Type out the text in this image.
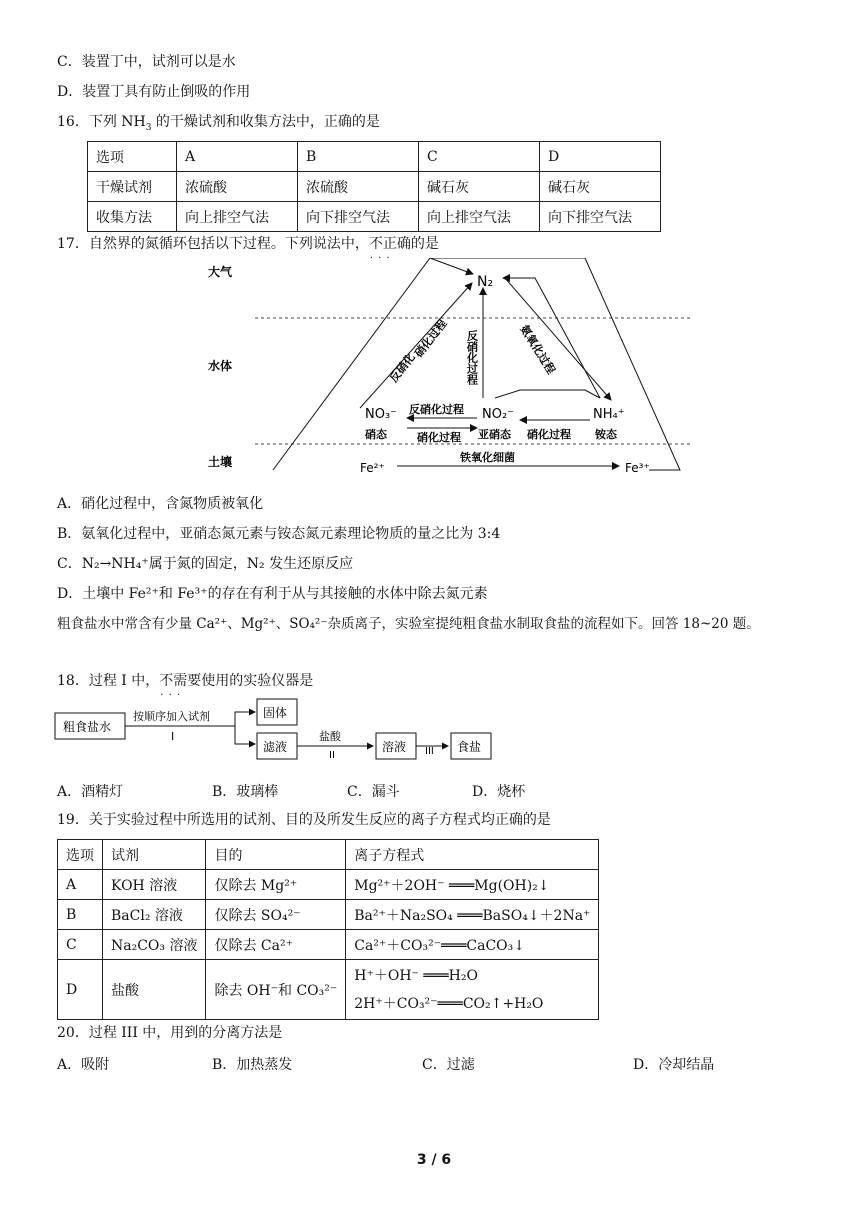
C．装置丁中，试剂可以是水
D．装置丁具有防止倒吸的作用
16．下列 $NH_3$ 的干燥试剂和收集方法中，正确的是
选项	A	B	C	D
干燥试剂	浓硫酸	浓硫酸	碱石灰	碱石灰
收集方法	向上排空气法	向下排空气法	向上排空气法	向下排空气法
17．自然界的氮循环包括以下过程。下列说法中，不正确 · · ·的是
大气
水体
土壤
N₂
NO₃⁻	NO₂⁻	NH₄⁺
硝态	亚硝态	铵态
反硝化
硝化过程 反硝化过程	氨氧化过程
反硝化过程
硝化过程	硝化过程
Fe²⁺	Fe³⁺
铁氧化细菌
A．硝化过程中，含氮物质被氧化
B．氨氧化过程中，亚硝态氮元素与铵态氮元素理论物质的量之比为 3:4
C．N₂→NH₄⁺属于氮的固定，N₂ 发生还原反应
D．土壤中 Fe²⁺和 Fe³⁺的存在有利于从与其接触的水体中除去氮元素
粗食盐水中常含有少量 Ca²⁺、Mg²⁺、SO₄²⁻杂质离子，实验室提纯粗食盐水制取食盐的流程如下。回答 18~20 题。
18．过程 I 中，不需要 · · ·使用的实验仪器是
粗食盐水
按顺序加入试剂
I
固体
滤液
盐酸
II
溶液 III 食盐
A．酒精灯	B．玻璃棒	C．漏斗	D．烧杯
19．关于实验过程中所选用的试剂、目的及所发生反应的离子方程式均正确的是
选项	试剂	目的	离子方程式
A	KOH 溶液	仅除去 Mg²⁺	Mg²⁺＋2OH⁻ ═══Mg(OH)₂↓
B	BaCl₂ 溶液	仅除去 SO₄²⁻	Ba²⁺＋Na₂SO₄ ═══BaSO₄↓＋2Na⁺
C	Na₂CO₃ 溶液	仅除去 Ca²⁺	Ca²⁺＋CO₃²⁻═══CaCO₃↓
D	盐酸	除去 OH⁻和 CO₃²⁻	H⁺＋OH⁻ ═══H₂O
2H⁺＋CO₃²⁻═══CO₂↑+H₂O
20．过程 III 中，用到的分离方法是
A．吸附	B．加热蒸发	C．过滤	D．冷却结晶
3 / 6
